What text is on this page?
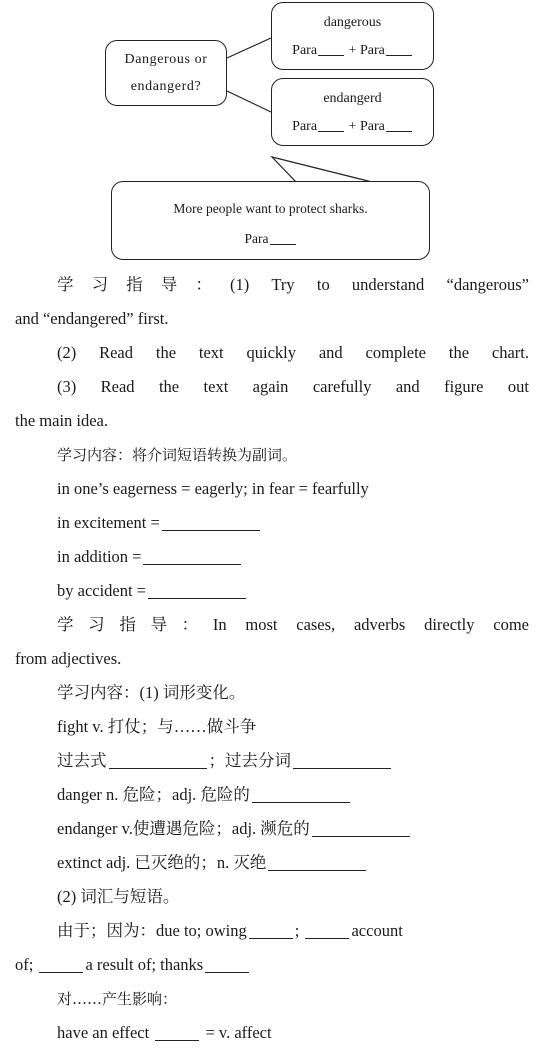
Dangerous or
endangerd?
dangerous
Para + Para
endangerd
Para + Para
More people want to protect sharks.
Para
学习指导：(1) Try to understand “dangerous”
and “endangered” first.
(2) Read the text quickly and complete the chart.
(3) Read the text again carefully and figure out
the main idea.
学习内容：将介词短语转换为副词。
in one’s eagerness = eagerly; in fear = fearfully
in excitement =
in addition =
by accident =
学习指导：In most cases, adverbs directly come
from adjectives.
学习内容：(1) 词形变化。
fight v. 打仗；与……做斗争
过去式	；过去分词
danger n. 危险；adj. 危险的
endanger v.使遭遇危险；adj. 濒危的
extinct adj. 已灭绝的；n. 灭绝
(2) 词汇与短语。
由于；因为：due to; owing	;	account
of;	a result of; thanks
对……产生影响：
have an effect	= v. affect
